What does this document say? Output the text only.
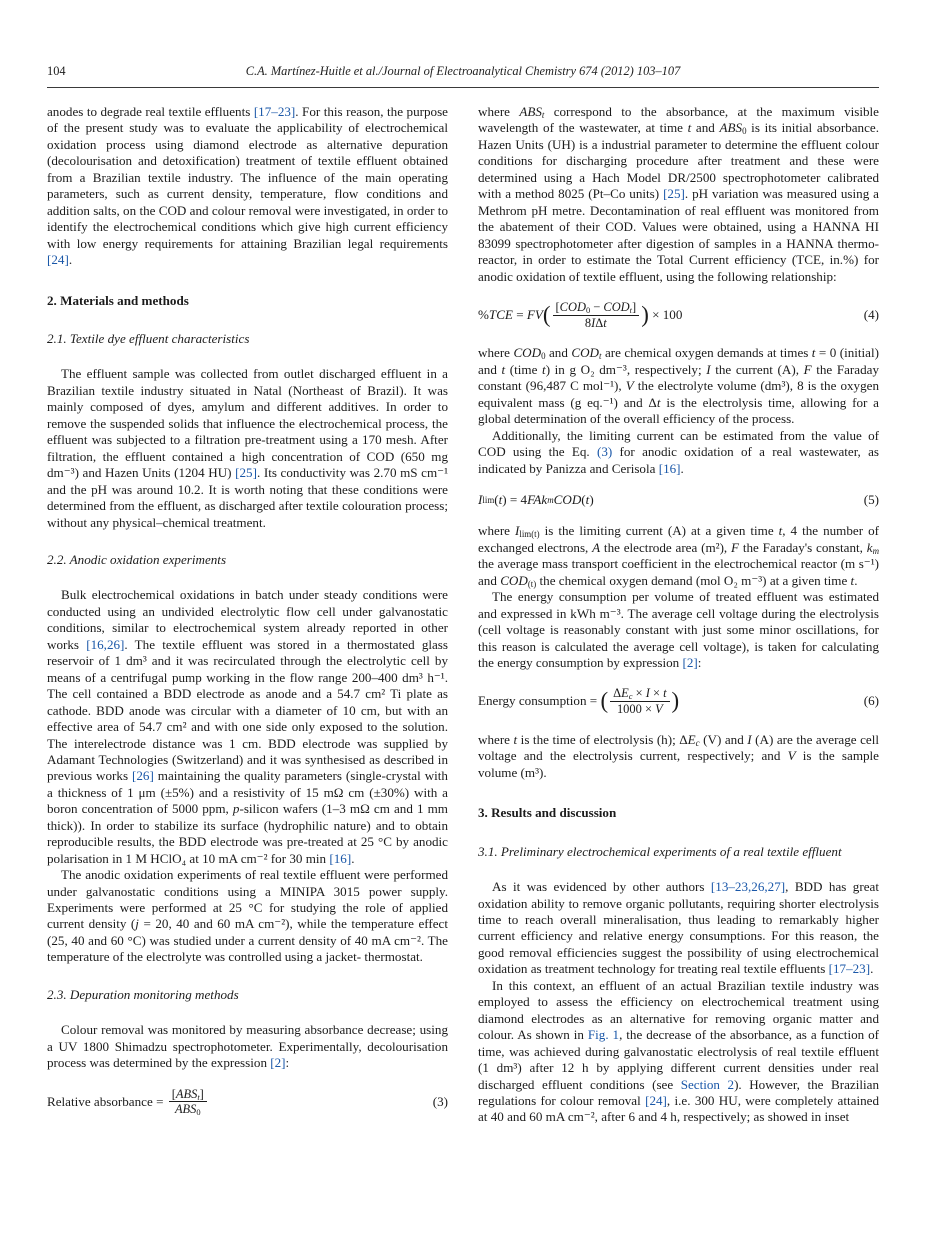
104	C.A. Martínez-Huitle et al./Journal of Electroanalytical Chemistry 674 (2012) 103–107

anodes to degrade real textile effluents [17–23]. For this reason, the purpose of the present study was to evaluate the applicability of electrochemical oxidation process using diamond electrode as alternative depuration (decolourisation and detoxification) treatment of textile effluent obtained from a Brazilian textile industry. The influence of the main operating parameters, such as current density, temperature, flow conditions and addition salts, on the COD and colour removal were investigated, in order to identify the electrochemical conditions which give high current efficiency with low energy requirements for attaining Brazilian legal requirements [24].

2. Materials and methods
2.1. Textile dye effluent characteristics

The effluent sample was collected from outlet discharged effluent in a Brazilian textile industry situated in Natal (Northeast of Brazil). It was mainly composed of dyes, amylum and different additives. In order to remove the suspended solids that influence the electrochemical process, the effluent was subjected to a filtration pre-treatment using a 170 mesh. After filtration, the effluent contained a high concentration of COD (650 mg dm⁻³) and Hazen Units (1204 HU) [25]. Its conductivity was 2.70 mS cm⁻¹ and the pH was around 10.2. It is worth noting that these conditions were determined from the effluent, as discharged after textile colouration process; without any physical–chemical treatment.

2.2. Anodic oxidation experiments

Bulk electrochemical oxidations in batch under steady conditions were conducted using an undivided electrolytic flow cell under galvanostatic conditions, similar to electrochemical system already reported in other works [16,26]. The textile effluent was stored in a thermostated glass reservoir of 1 dm³ and it was recirculated through the electrolytic cell by means of a centrifugal pump working in the flow range 200–400 dm³ h⁻¹. The cell contained a BDD electrode as anode and a 54.7 cm² Ti plate as cathode. BDD anode was circular with a diameter of 10 cm, but with an effective area of 54.7 cm² and with one side only exposed to the solution. The interelectrode distance was 1 cm. BDD electrode was supplied by Adamant Technologies (Switzerland) and it was synthesised as described in previous works [26] maintaining the quality parameters (single-crystal with a thickness of 1 μm (±5%) and a resistivity of 15 mΩ cm (±30%) with a boron concentration of 5000 ppm, p-silicon wafers (1–3 mΩ cm and 1 mm thick)). In order to stabilize its surface (hydrophilic nature) and to obtain reproducible results, the BDD electrode was pre-treated at 25 °C by anodic polarisation in 1 M HClO₄ at 10 mA cm⁻² for 30 min [16].

The anodic oxidation experiments of real textile effluent were performed under galvanostatic conditions using a MINIPA 3015 power supply. Experiments were performed at 25 °C for studying the role of applied current density (j = 20, 40 and 60 mA cm⁻²), while the temperature effect (25, 40 and 60 °C) was studied under a current density of 40 mA cm⁻². The temperature of the electrolyte was controlled using a jacket- thermostat.

2.3. Depuration monitoring methods

Colour removal was monitored by measuring absorbance decrease; using a UV 1800 Shimadzu spectrophotometer. Experimentally, decolourisation process was determined by the expression [2]:

Relative absorbance = $\frac{[ABS_t]}{ABS_0}$	(3)

where $ABS_t$ correspond to the absorbance, at the maximum visible wavelength of the wastewater, at time t and $ABS_0$ is its initial absorbance. Hazen Units (UH) is a industrial parameter to determine the effluent colour conditions for discharging procedure after treatment and these were determined using a Hach Model DR/2500 spectrophotometer calibrated with a method 8025 (Pt–Co units) [25]. pH variation was measured using a Methrom pH metre. Decontamination of real effluent was monitored from the abatement of their COD. Values were obtained, using a HANNA HI 83099 spectrophotometer after digestion of samples in a HANNA thermo-reactor, in order to estimate the Total Current efficiency (TCE, in.%) for anodic oxidation of textile effluent, using the following relationship:

% TCE = FV ( $\frac{[COD_0 - COD_t]}{\text{8IΔt}}$ ) × 100	(4)

where $COD_0$ and $COD_t$ are chemical oxygen demands at times t = 0 (initial) and t (time t) in g O₂ dm⁻³, respectively; I the current (A), F the Faraday constant (96,487 C mol⁻¹), V the electrolyte volume (dm³), 8 is the oxygen equivalent mass (g eq.⁻¹) and Δt is the electrolysis time, allowing for a global determination of the overall efficiency of the process.

Additionally, the limiting current can be estimated from the value of COD using the Eq. (3) for anodic oxidation of a real wastewater, as indicated by Panizza and Cerisola [16].

I lim ( t ) = 4 FAk m COD ( t )	(5)

where $I_{lim(t)}$ is the limiting current (A) at a given time t, 4 the number of exchanged electrons, A the electrode area (m²), F the Faraday's constant, $k_m$ the average mass transport coefficient in the electrochemical reactor (m s⁻¹) and $COD_{(t)}$ the chemical oxygen demand (mol O₂ m⁻³) at a given time t.

The energy consumption per volume of treated effluent was estimated and expressed in kWh m⁻³. The average cell voltage during the electrolysis (cell voltage is reasonably constant with just some minor oscillations, for this reason is calculated the average cell voltage), is taken for calculating the energy consumption by expression [2]:

Energy consumption = ( $\frac{\Delta E_c \times I \times t}{1000 \times V}$ )	(6)

where t is the time of electrolysis (h); $\Delta E_c$ (V) and I (A) are the average cell voltage and the electrolysis current, respectively; and V is the sample volume (m³).

3. Results and discussion
3.1. Preliminary electrochemical experiments of a real textile effluent

As it was evidenced by other authors [13–23,26,27], BDD has great oxidation ability to remove organic pollutants, requiring shorter electrolysis time to reach overall mineralisation, thus leading to remarkably higher current efficiency and relative energy consumptions. For this reason, the good removal efficiencies suggest the possibility of using electrochemical oxidation as treatment technology for treating real textile effluents [17–23].

In this context, an effluent of an actual Brazilian textile industry was employed to assess the efficiency on electrochemical treatment using diamond electrodes as an alternative for removing organic matter and colour. As shown in Fig. 1, the decrease of the absorbance, as a function of time, was achieved during galvanostatic electrolysis of real textile effluent (1 dm³) after 12 h by applying different current densities under real discharged effluent conditions (see Section 2). However, the Brazilian regulations for colour removal [24], i.e. 300 HU, were completely attained at 40 and 60 mA cm⁻², after 6 and 4 h, respectively; as showed in inset
